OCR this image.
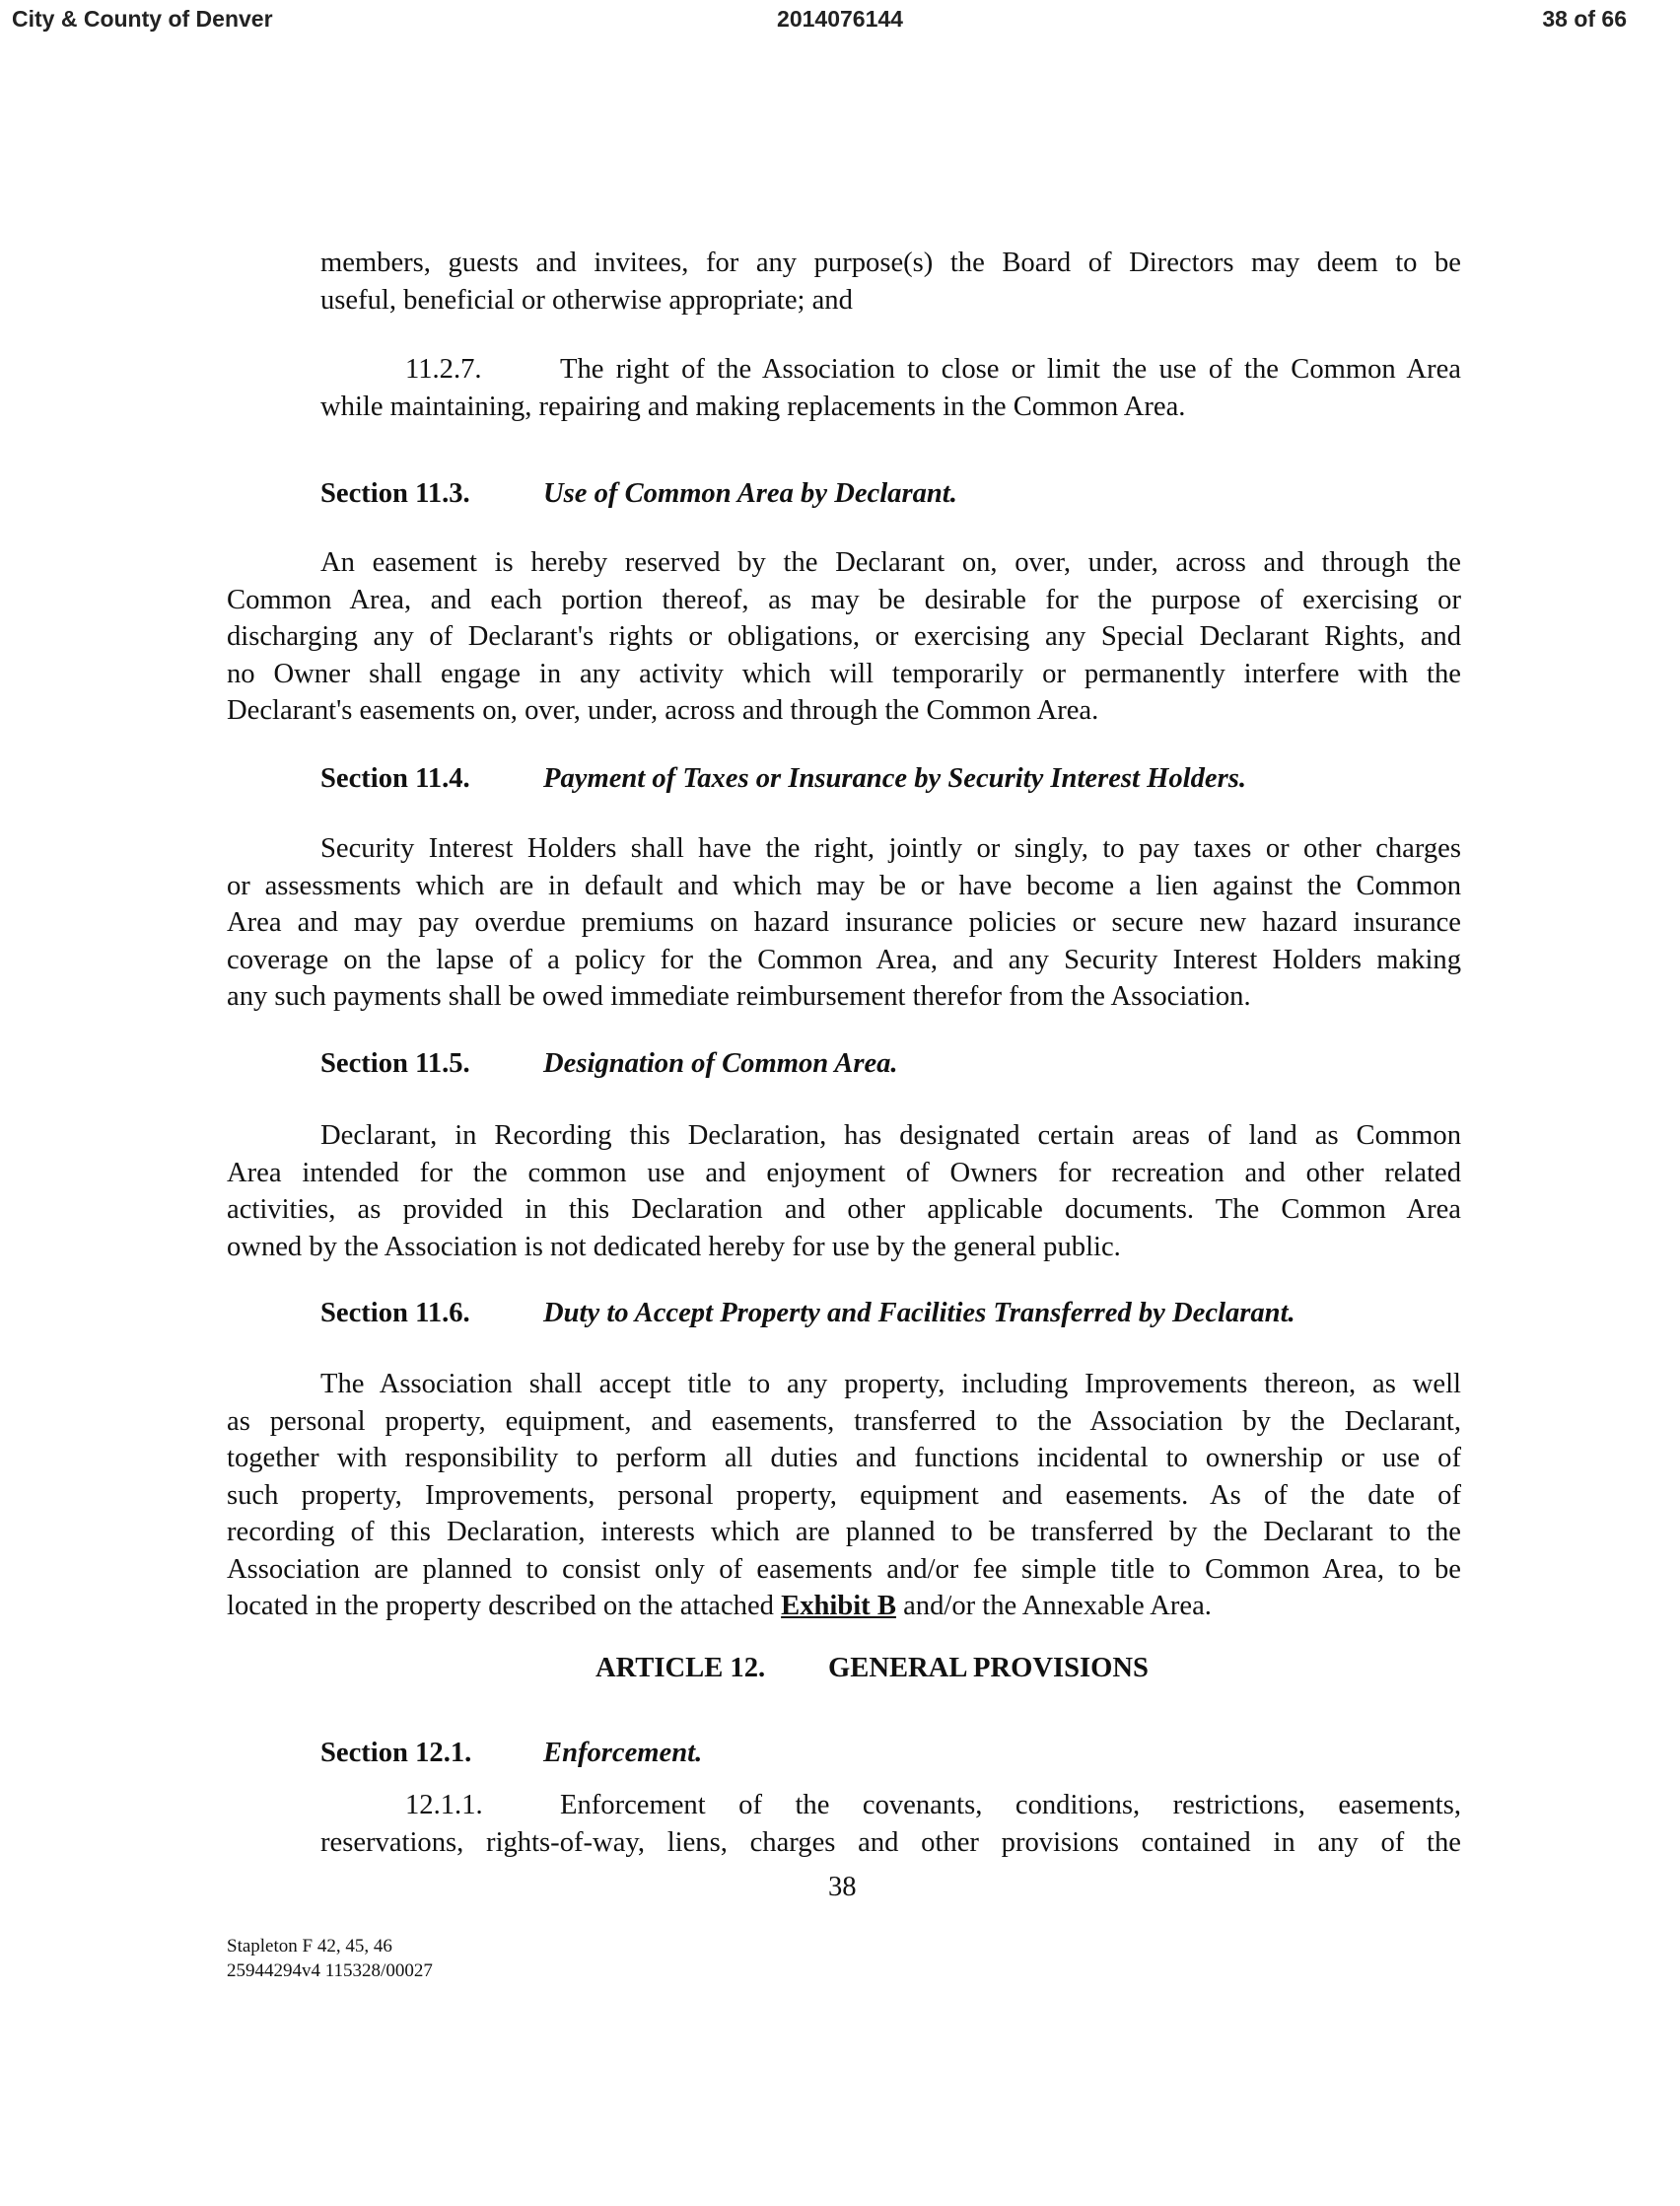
City & County of Denver	2014076144	38 of 66
members, guests and invitees, for any purpose(s) the Board of Directors may deem to be
useful, beneficial or otherwise appropriate; and
11.2.7.	The right of the Association to close or limit the use of the Common Area
while maintaining, repairing and making replacements in the Common Area.
Section 11.3.	Use of Common Area by Declarant.
An easement is hereby reserved by the Declarant on, over, under, across and through the
Common Area, and each portion thereof, as may be desirable for the purpose of exercising or
discharging any of Declarant's rights or obligations, or exercising any Special Declarant Rights, and
no Owner shall engage in any activity which will temporarily or permanently interfere with the
Declarant's easements on, over, under, across and through the Common Area.
Section 11.4.	Payment of Taxes or Insurance by Security Interest Holders.
Security Interest Holders shall have the right, jointly or singly, to pay taxes or other charges
or assessments which are in default and which may be or have become a lien against the Common
Area and may pay overdue premiums on hazard insurance policies or secure new hazard insurance
coverage on the lapse of a policy for the Common Area, and any Security Interest Holders making
any such payments shall be owed immediate reimbursement therefor from the Association.
Section 11.5.	Designation of Common Area.
Declarant, in Recording this Declaration, has designated certain areas of land as Common
Area intended for the common use and enjoyment of Owners for recreation and other related
activities, as provided in this Declaration and other applicable documents. The Common Area
owned by the Association is not dedicated hereby for use by the general public.
Section 11.6.	Duty to Accept Property and Facilities Transferred by Declarant.
The Association shall accept title to any property, including Improvements thereon, as well
as personal property, equipment, and easements, transferred to the Association by the Declarant,
together with responsibility to perform all duties and functions incidental to ownership or use of
such property, Improvements, personal property, equipment and easements. As of the date of
recording of this Declaration, interests which are planned to be transferred by the Declarant to the
Association are planned to consist only of easements and/or fee simple title to Common Area, to be
located in the property described on the attached Exhibit B and/or the Annexable Area.
ARTICLE 12. GENERAL PROVISIONS
Section 12.1.	Enforcement.
12.1.1.	Enforcement of the covenants, conditions, restrictions, easements,
reservations, rights-of-way, liens, charges and other provisions contained in any of the
38
Stapleton F 42, 45, 46
25944294v4 115328/00027
